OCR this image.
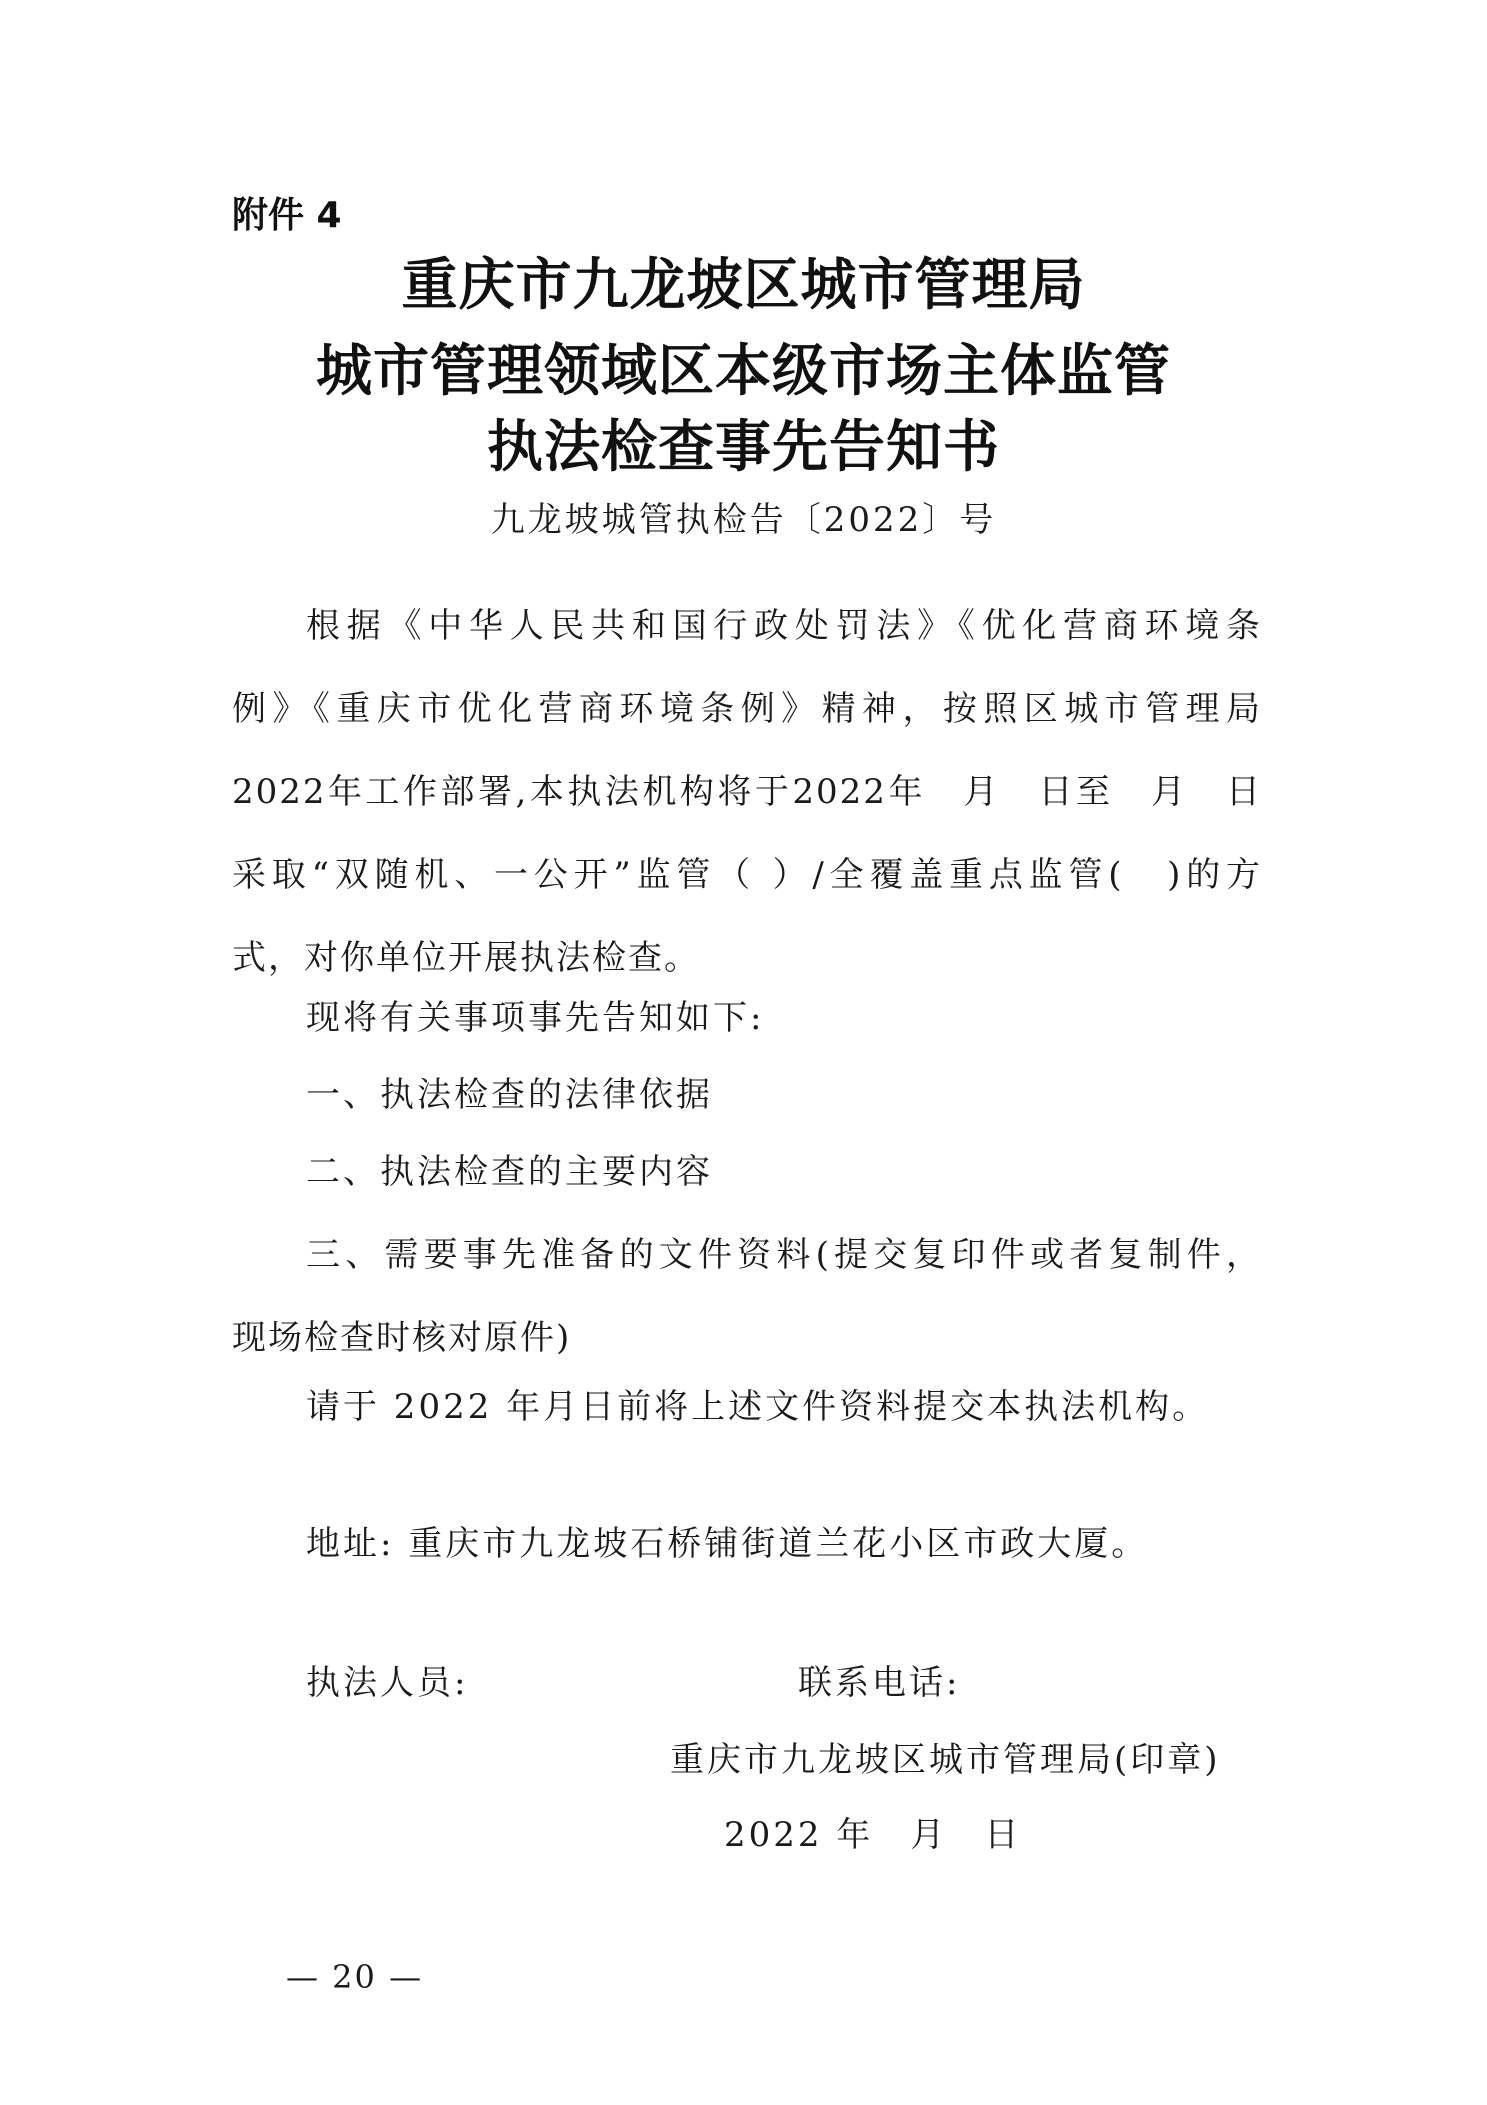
附件 4
重庆市九龙坡区城市管理局
城市管理领域区本级市场主体监管
执法检查事先告知书
九龙坡城管执检告〔2022〕号
根据《中华人民共和国行政处罚法》《优化营商环境条
例》《重庆市优化营商环境条例》精神，按照区城市管理局
2022年工作部署,本执法机构将于2022年　月　日至　月　日
采取“双随机、一公开”监管（ ）/全覆盖重点监管(　)的方
式，对你单位开展执法检查。
现将有关事项事先告知如下:
一、执法检查的法律依据
二、执法检查的主要内容
三、需要事先准备的文件资料(提交复印件或者复制件，
现场检查时核对原件)
请于 2022 年月日前将上述文件资料提交本执法机构。
地址: 重庆市九龙坡石桥铺街道兰花小区市政大厦。
执法人员:	联系电话:
重庆市九龙坡区城市管理局(印章)
2022 年　月　日
— 20 —
